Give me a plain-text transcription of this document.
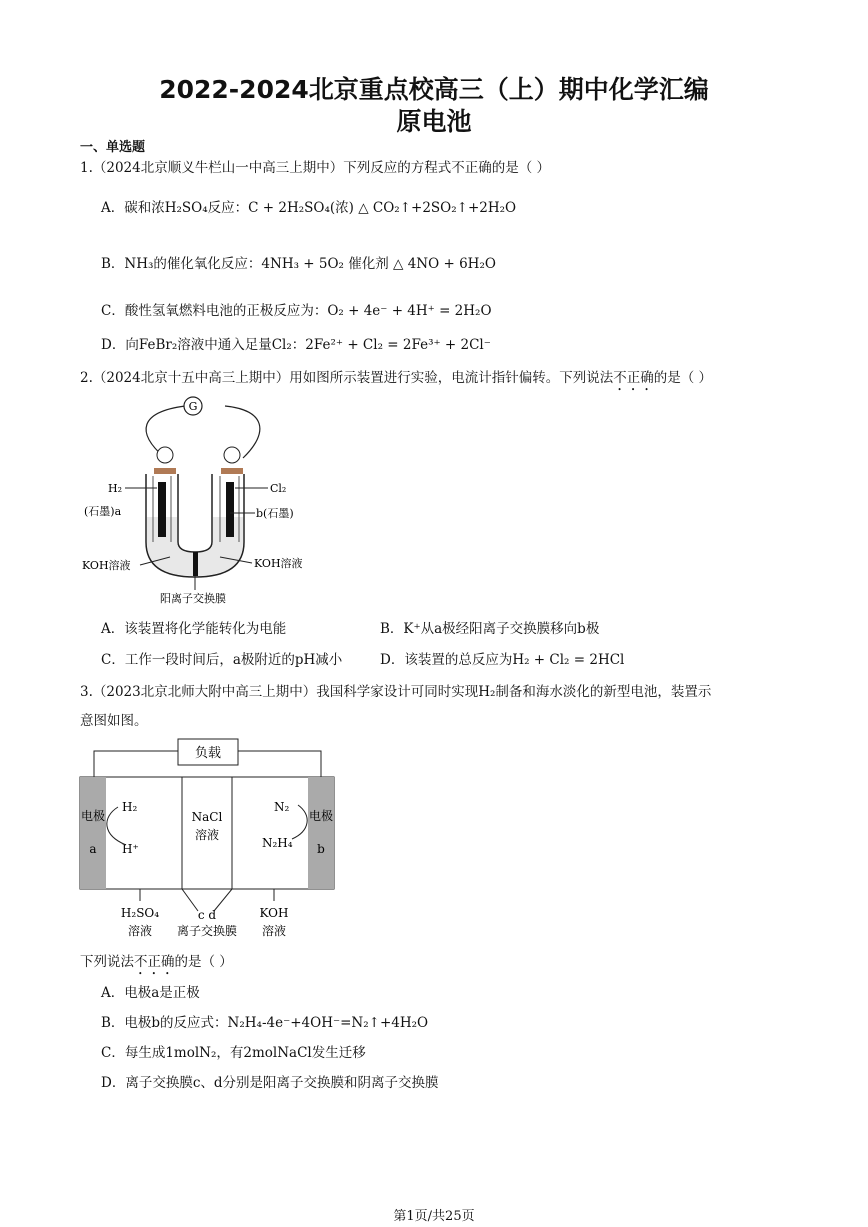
2022-2024北京重点校高三（上）期中化学汇编
原电池
一、单选题
1.（2024北京顺义牛栏山一中高三上期中）下列反应的方程式不正确的是（ ）
A．碳和浓H₂SO₄反应：C + 2H₂SO₄(浓) △ CO₂↑+2SO₂↑+2H₂O
B．NH₃的催化氧化反应：4NH₃ + 5O₂ 催化剂 △ 4NO + 6H₂O
C．酸性氢氧燃料电池的正极反应为：O₂ + 4e⁻ + 4H⁺ = 2H₂O
D．向FeBr₂溶液中通入足量Cl₂：2Fe²⁺ + Cl₂ = 2Fe³⁺ + 2Cl⁻
2.（2024北京十五中高三上期中）用如图所示装置进行实验，电流计指针偏转。下列说法不正确的是（ ）
G
H₂	Cl₂
(石墨)a	b(石墨)
KOH溶液	KOH溶液
阳离子交换膜
A．该装置将化学能转化为电能	B．K⁺从a极经阳离子交换膜移向b极
C．工作一段时间后，a极附近的pH减小	D．该装置的总反应为H₂ + Cl₂ = 2HCl
3.（2023北京北师大附中高三上期中）我国科学家设计可同时实现H₂制备和海水淡化的新型电池，装置示
意图如图。
负载
电极
a
电极
b
H₂
H⁺
NaCl
溶液
N₂
N₂H₄
H₂SO₄
溶液
c d
离子交换膜
KOH
溶液
下列说法不正确的是（ ）
A．电极a是正极
B．电极b的反应式：N₂H₄-4e⁻+4OH⁻=N₂↑+4H₂O
C．每生成1molN₂，有2molNaCl发生迁移
D．离子交换膜c、d分别是阳离子交换膜和阴离子交换膜
第1页/共25页
